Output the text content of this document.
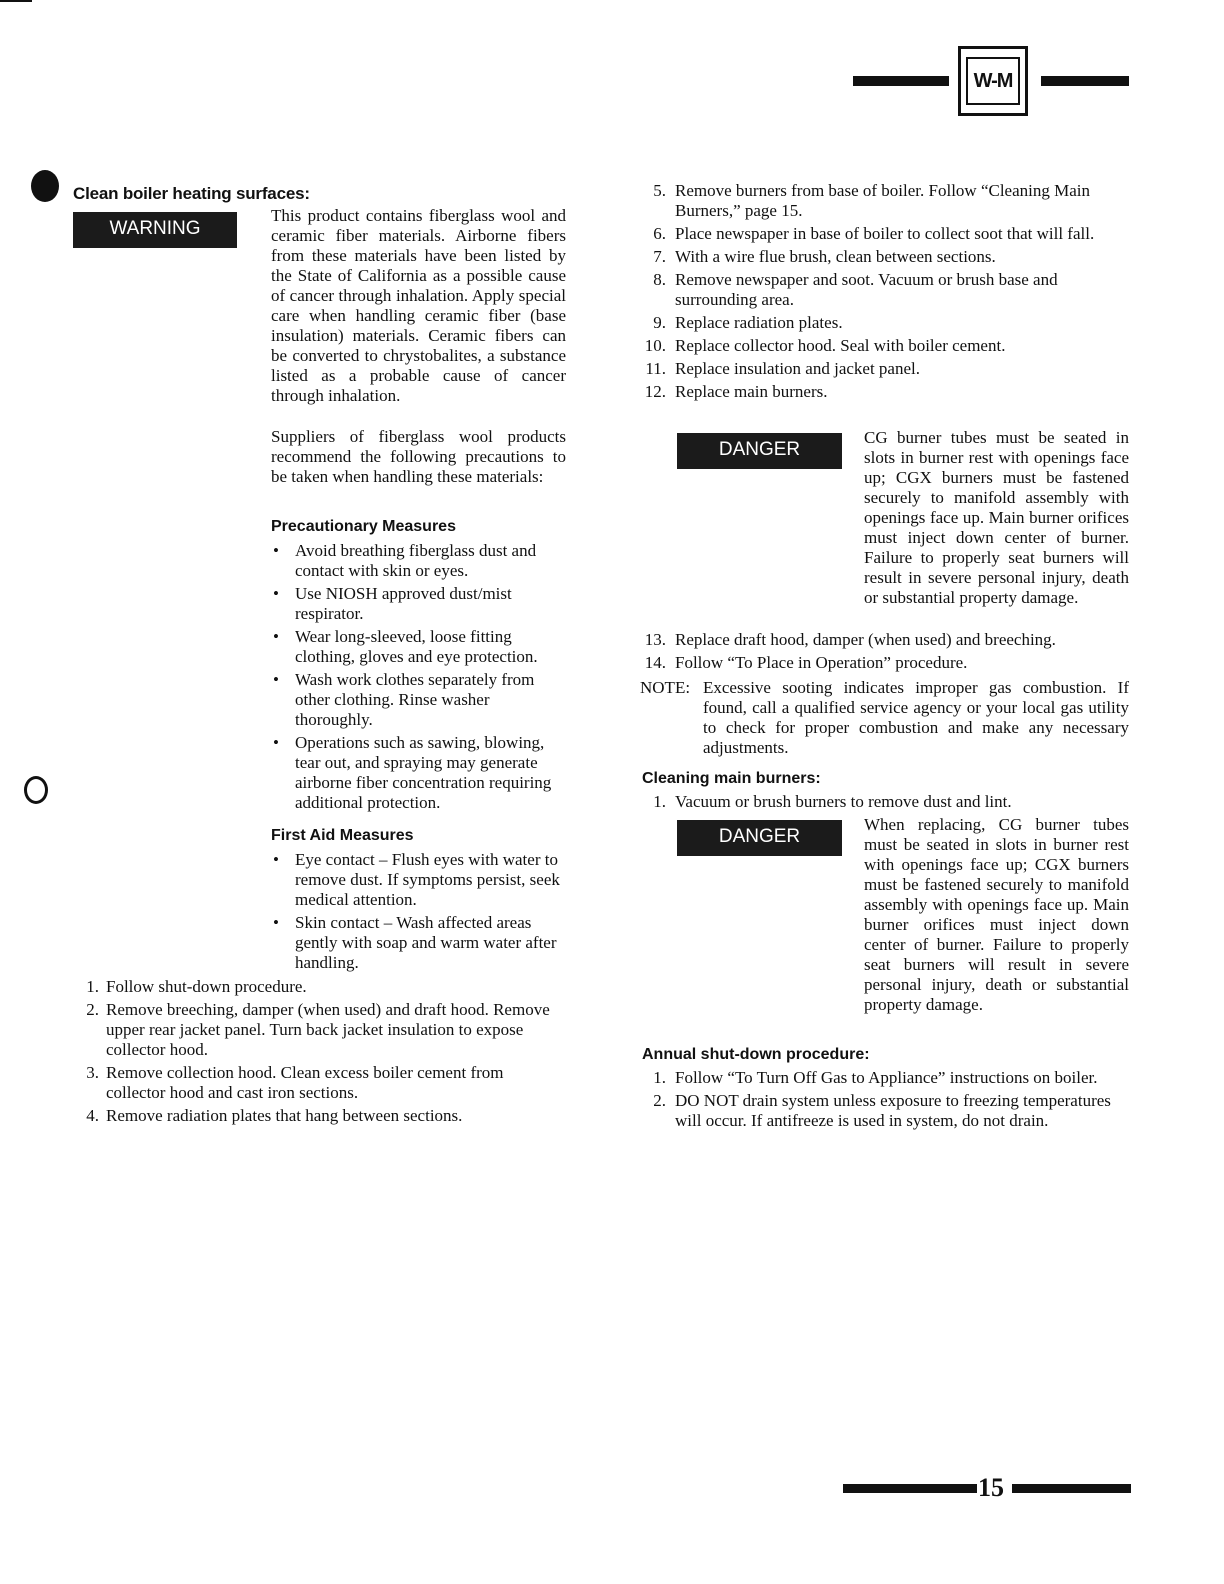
W-M
Clean boiler heating surfaces:
WARNING
This product contains fiberglass wool and ceramic fiber materials. Airborne fibers from these materials have been listed by the State of California as a possible cause of cancer through inhalation. Apply special care when handling ceramic fiber (base insulation) materials. Ceramic fibers can be converted to chrystobalites, a substance listed as a probable cause of cancer through inhalation.
Suppliers of fiberglass wool products recommend the following precautions to be taken when handling these materials:
Precautionary Measures
• Avoid breathing fiberglass dust and contact with skin or eyes.
• Use NIOSH approved dust/mist respirator.
• Wear long-sleeved, loose fitting clothing, gloves and eye protection.
• Wash work clothes separately from other clothing. Rinse washer thoroughly.
• Operations such as sawing, blowing, tear out, and spraying may generate airborne fiber concentration requiring additional protection.
First Aid Measures
• Eye contact – Flush eyes with water to remove dust. If symptoms persist, seek medical attention.
• Skin contact – Wash affected areas gently with soap and warm water after handling.
1. Follow shut-down procedure.
2. Remove breeching, damper (when used) and draft hood. Remove upper rear jacket panel. Turn back jacket insulation to expose collector hood.
3. Remove collection hood. Clean excess boiler cement from collector hood and cast iron sections.
4. Remove radiation plates that hang between sections.
5. Remove burners from base of boiler. Follow “Cleaning Main Burners,” page 15.
6. Place newspaper in base of boiler to collect soot that will fall.
7. With a wire flue brush, clean between sections.
8. Remove newspaper and soot. Vacuum or brush base and surrounding area.
9. Replace radiation plates.
10. Replace collector hood. Seal with boiler cement.
11. Replace insulation and jacket panel.
12. Replace main burners.
DANGER
CG burner tubes must be seated in slots in burner rest with openings face up; CGX burners must be fastened securely to manifold assembly with openings face up. Main burner orifices must inject down center of burner. Failure to properly seat burners will result in severe personal injury, death or substantial property damage.
13. Replace draft hood, damper (when used) and breeching.
14. Follow “To Place in Operation” procedure.
NOTE: Excessive sooting indicates improper gas combustion. If found, call a qualified service agency or your local gas utility to check for proper combustion and make any necessary adjustments.
Cleaning main burners:
1. Vacuum or brush burners to remove dust and lint.
DANGER
When replacing, CG burner tubes must be seated in slots in burner rest with openings face up; CGX burners must be fastened securely to manifold assembly with openings face up. Main burner orifices must inject down center of burner. Failure to properly seat burners will result in severe personal injury, death or substantial property damage.
Annual shut-down procedure:
1. Follow “To Turn Off Gas to Appliance” instructions on boiler.
2. DO NOT drain system unless exposure to freezing temperatures will occur. If antifreeze is used in system, do not drain.
15
